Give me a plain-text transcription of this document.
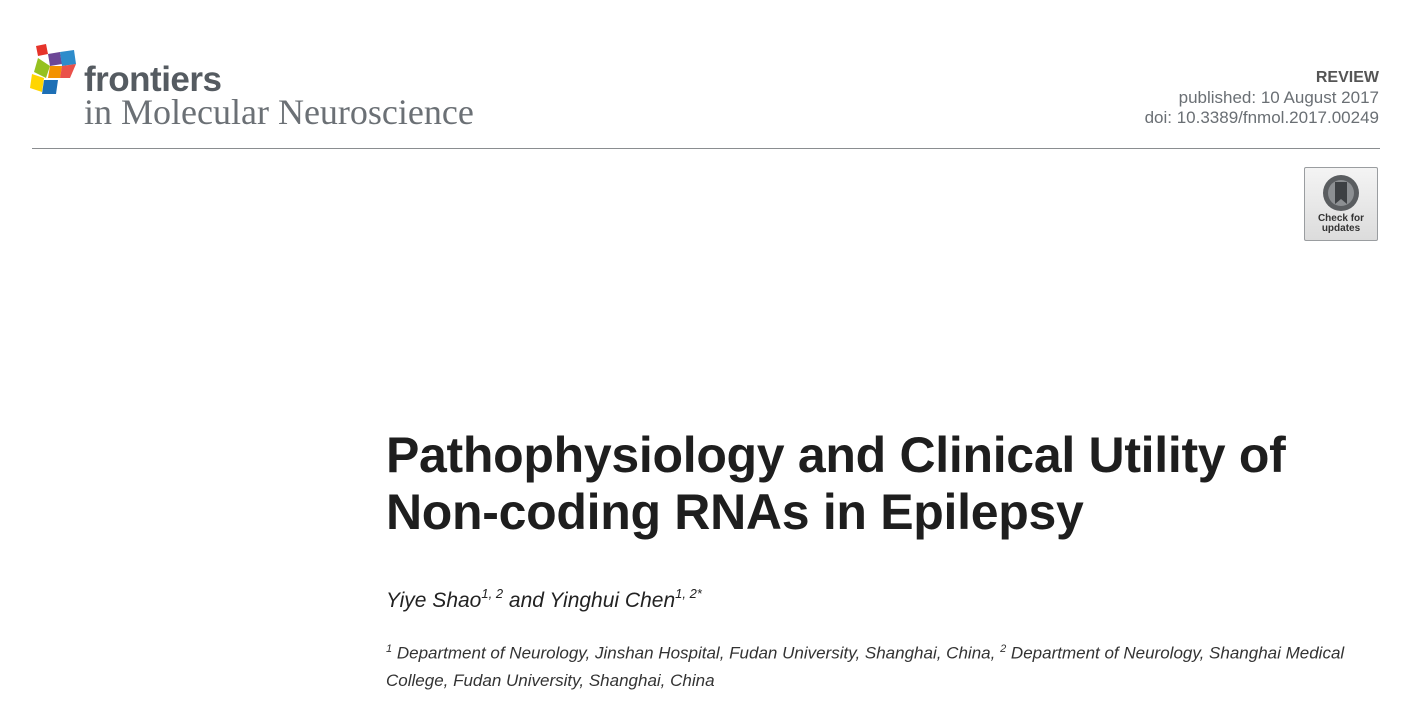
frontiers
in Molecular Neuroscience
REVIEW
published: 10 August 2017
doi: 10.3389/fnmol.2017.00249
Check for
updates
Pathophysiology and Clinical Utility of Non-coding RNAs in Epilepsy
Yiye Shao$^{1, 2}$ and Yinghui Chen$^{1, 2*}$
$^1$ Department of Neurology, Jinshan Hospital, Fudan University, Shanghai, China, $^2$ Department of Neurology, Shanghai Medical College, Fudan University, Shanghai, China
